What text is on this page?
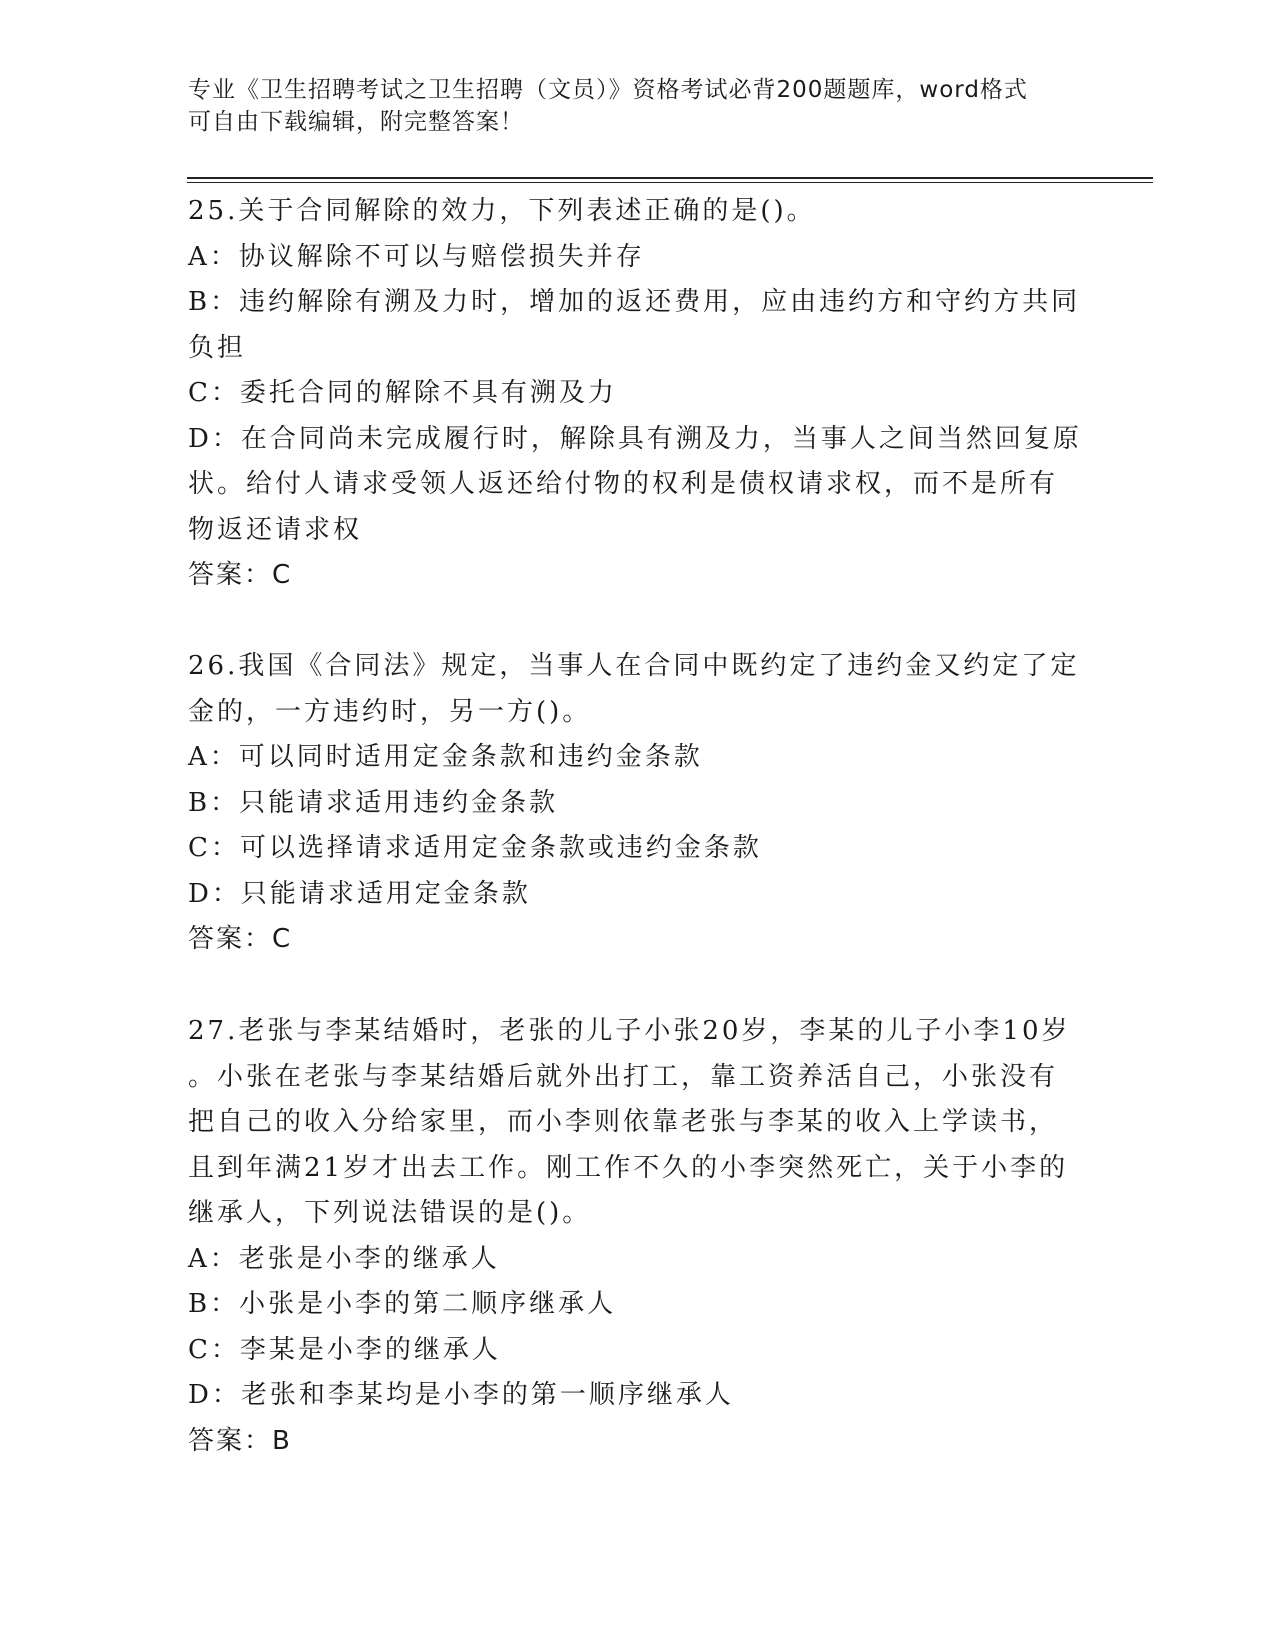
专业《卫生招聘考试之卫生招聘（文员）》资格考试必背200题题库，word格式
可自由下载编辑，附完整答案！
25.关于合同解除的效力，下列表述正确的是()。
A：协议解除不可以与赔偿损失并存
B：违约解除有溯及力时，增加的返还费用，应由违约方和守约方共同
负担
C：委托合同的解除不具有溯及力
D：在合同尚未完成履行时，解除具有溯及力，当事人之间当然回复原
状。给付人请求受领人返还给付物的权利是债权请求权，而不是所有
物返还请求权
答案：C
26.我国《合同法》规定，当事人在合同中既约定了违约金又约定了定
金的，一方违约时，另一方()。
A：可以同时适用定金条款和违约金条款
B：只能请求适用违约金条款
C：可以选择请求适用定金条款或违约金条款
D：只能请求适用定金条款
答案：C
27.老张与李某结婚时，老张的儿子小张20岁，李某的儿子小李10岁
。小张在老张与李某结婚后就外出打工，靠工资养活自己，小张没有
把自己的收入分给家里，而小李则依靠老张与李某的收入上学读书，
且到年满21岁才出去工作。刚工作不久的小李突然死亡，关于小李的
继承人，下列说法错误的是()。
A：老张是小李的继承人
B：小张是小李的第二顺序继承人
C：李某是小李的继承人
D：老张和李某均是小李的第一顺序继承人
答案：B
